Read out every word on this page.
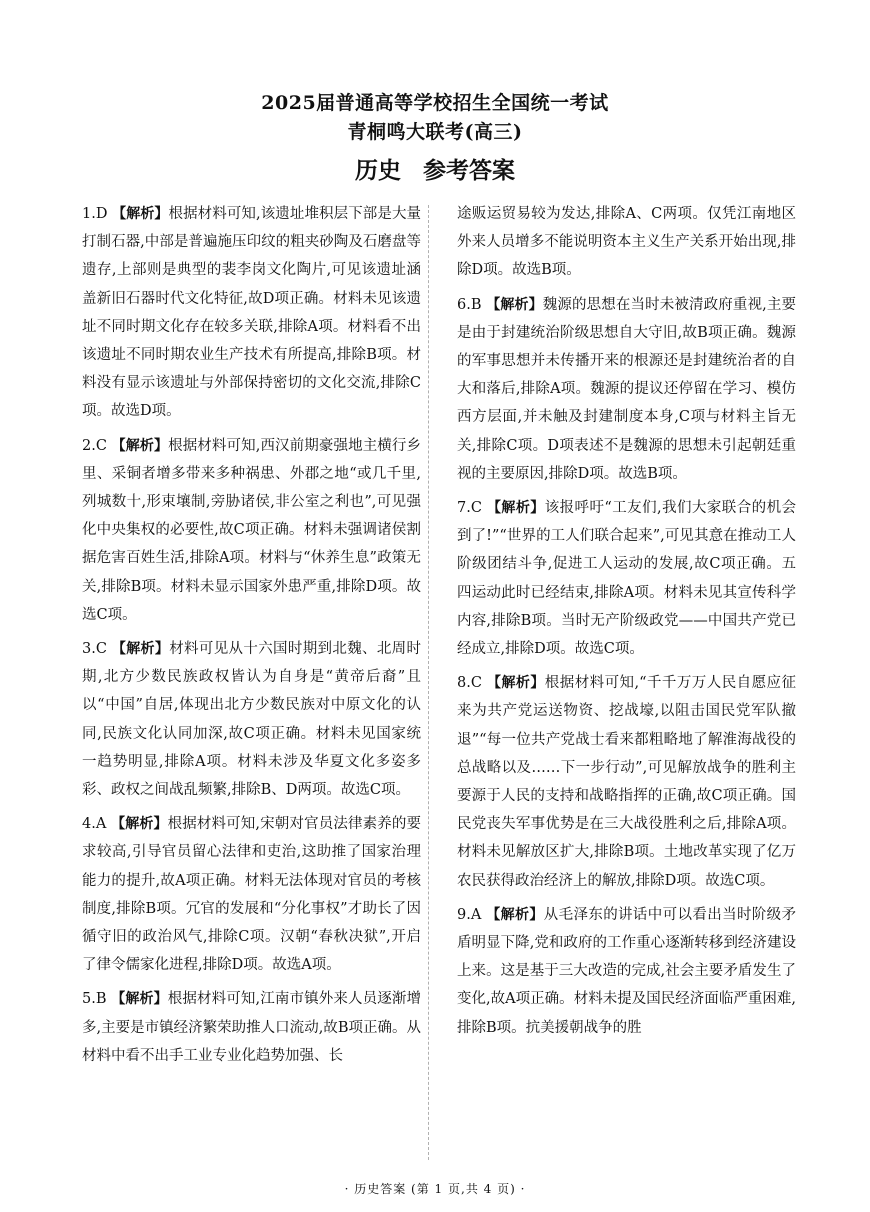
2025届普通高等学校招生全国统一考试
青桐鸣大联考(高三)
历史 参考答案
1.D 【解析】根据材料可知,该遗址堆积层下部是大量打制石器,中部是普遍施压印纹的粗夹砂陶及石磨盘等遗存,上部则是典型的裴李岗文化陶片,可见该遗址涵盖新旧石器时代文化特征,故D项正确。材料未见该遗址不同时期文化存在较多关联,排除A项。材料看不出该遗址不同时期农业生产技术有所提高,排除B项。材料没有显示该遗址与外部保持密切的文化交流,排除C项。故选D项。
2.C 【解析】根据材料可知,西汉前期豪强地主横行乡里、采铜者增多带来多种祸患、外郡之地“或几千里,列城数十,形束壤制,旁胁诸侯,非公室之利也”,可见强化中央集权的必要性,故C项正确。材料未强调诸侯割据危害百姓生活,排除A项。材料与“休养生息”政策无关,排除B项。材料未显示国家外患严重,排除D项。故选C项。
3.C 【解析】材料可见从十六国时期到北魏、北周时期,北方少数民族政权皆认为自身是“黄帝后裔”且以“中国”自居,体现出北方少数民族对中原文化的认同,民族文化认同加深,故C项正确。材料未见国家统一趋势明显,排除A项。材料未涉及华夏文化多姿多彩、政权之间战乱频繁,排除B、D两项。故选C项。
4.A 【解析】根据材料可知,宋朝对官员法律素养的要求较高,引导官员留心法律和吏治,这助推了国家治理能力的提升,故A项正确。材料无法体现对官员的考核制度,排除B项。冗官的发展和“分化事权”才助长了因循守旧的政治风气,排除C项。汉朝“春秋决狱”,开启了律令儒家化进程,排除D项。故选A项。
5.B 【解析】根据材料可知,江南市镇外来人员逐渐增多,主要是市镇经济繁荣助推人口流动,故B项正确。从材料中看不出手工业专业化趋势加强、长
途贩运贸易较为发达,排除A、C两项。仅凭江南地区外来人员增多不能说明资本主义生产关系开始出现,排除D项。故选B项。
6.B 【解析】魏源的思想在当时未被清政府重视,主要是由于封建统治阶级思想自大守旧,故B项正确。魏源的军事思想并未传播开来的根源还是封建统治者的自大和落后,排除A项。魏源的提议还停留在学习、模仿西方层面,并未触及封建制度本身,C项与材料主旨无关,排除C项。D项表述不是魏源的思想未引起朝廷重视的主要原因,排除D项。故选B项。
7.C 【解析】该报呼吁“工友们,我们大家联合的机会到了!”“世界的工人们联合起来”,可见其意在推动工人阶级团结斗争,促进工人运动的发展,故C项正确。五四运动此时已经结束,排除A项。材料未见其宣传科学内容,排除B项。当时无产阶级政党——中国共产党已经成立,排除D项。故选C项。
8.C 【解析】根据材料可知,“千千万万人民自愿应征来为共产党运送物资、挖战壕,以阻击国民党军队撤退”“每一位共产党战士看来都粗略地了解淮海战役的总战略以及……下一步行动”,可见解放战争的胜利主要源于人民的支持和战略指挥的正确,故C项正确。国民党丧失军事优势是在三大战役胜利之后,排除A项。材料未见解放区扩大,排除B项。土地改革实现了亿万农民获得政治经济上的解放,排除D项。故选C项。
9.A 【解析】从毛泽东的讲话中可以看出当时阶级矛盾明显下降,党和政府的工作重心逐渐转移到经济建设上来。这是基于三大改造的完成,社会主要矛盾发生了变化,故A项正确。材料未提及国民经济面临严重困难,排除B项。抗美援朝战争的胜
· 历史答案 (第 1 页,共 4 页) ·
